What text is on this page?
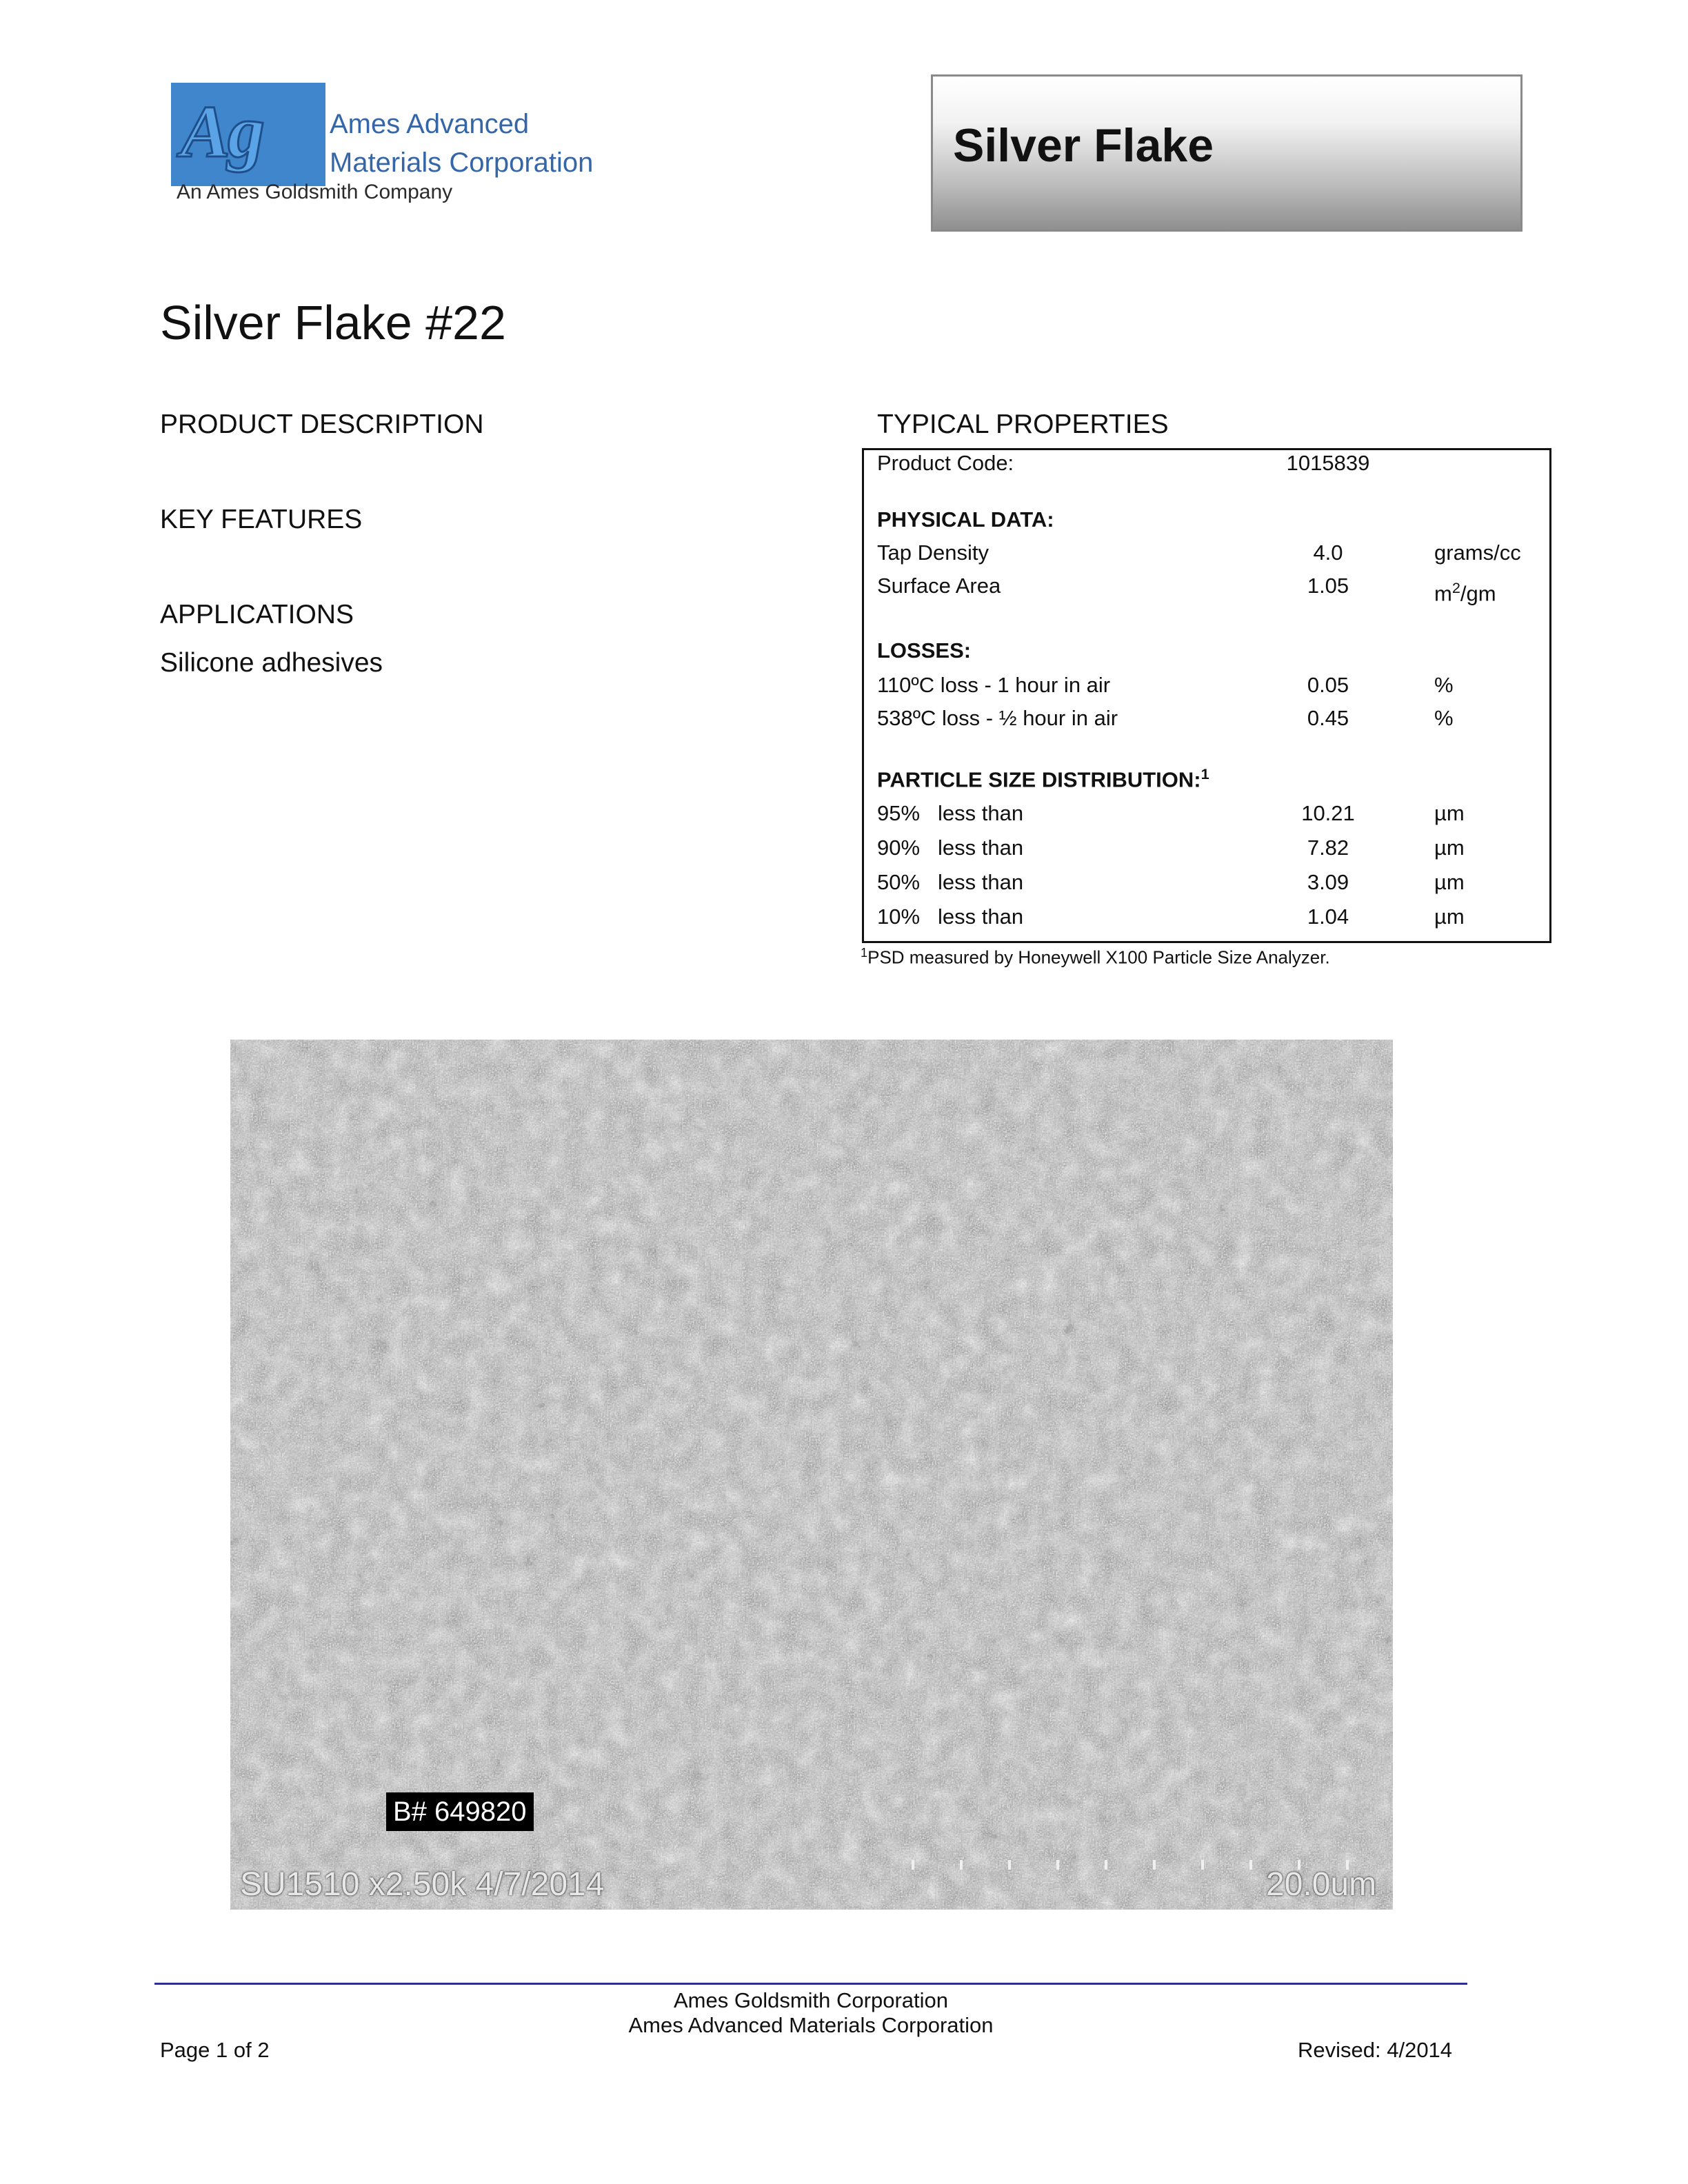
Ag	Ames Advanced
Materials Corporation
An Ames Goldsmith Company
Silver Flake
Silver Flake #22
PRODUCT DESCRIPTION
KEY FEATURES
APPLICATIONS
Silicone adhesives
TYPICAL PROPERTIES
Product Code:	1015839
PHYSICAL DATA:
Tap Density	4.0	grams/cc
Surface Area	1.05	$m^2/gm$
LOSSES:
110ºC loss - 1 hour in air	0.05	%
538ºC loss - ½ hour in air	0.45	%
PARTICLE SIZE DISTRIBUTION:$^1$
95% less than	10.21	µm
90% less than	7.82	µm
50% less than	3.09	µm
10% less than	1.04	µm
$^1$PSD measured by Honeywell X100 Particle Size Analyzer.
B# 649820
SU1510 x2.50k 4/7/2014	20.0um
Ames Goldsmith Corporation
Ames Advanced Materials Corporation
Page 1 of 2	Revised: 4/2014
